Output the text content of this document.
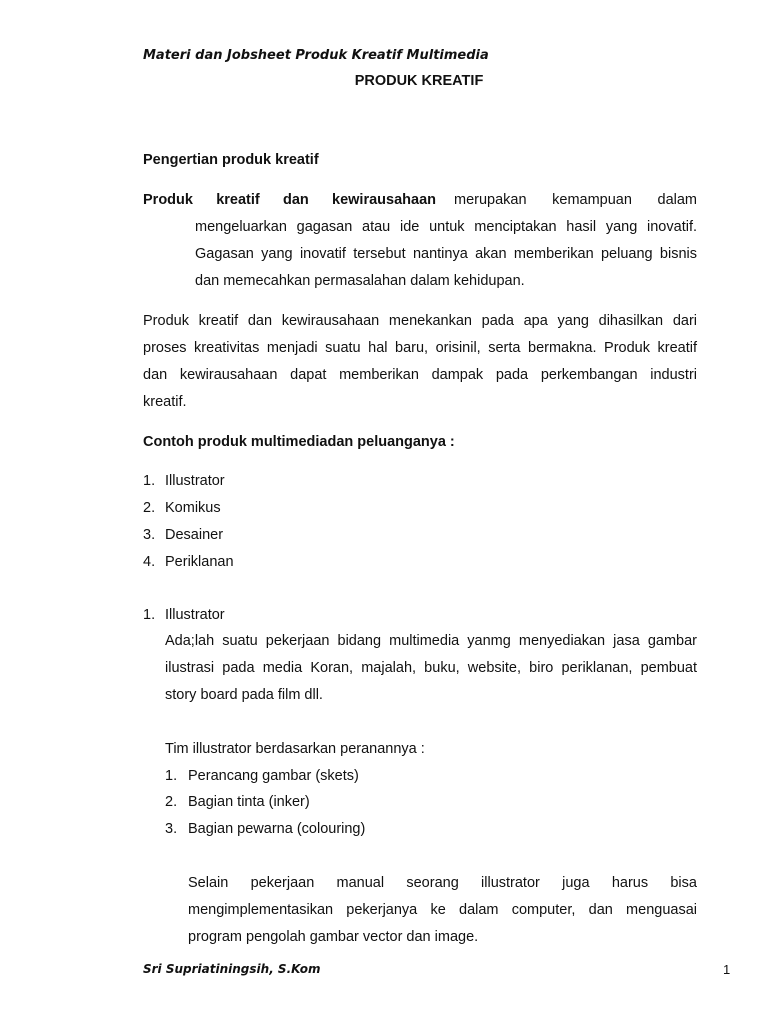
Materi dan Jobsheet Produk Kreatif Multimedia
PRODUK KREATIF
Pengertian produk kreatif
Produk kreatif dan kewirausahaan merupakan kemampuan dalam
mengeluarkan gagasan atau ide untuk menciptakan hasil yang inovatif.
Gagasan yang inovatif tersebut nantinya akan memberikan peluang bisnis
dan memecahkan permasalahan dalam kehidupan.
Produk kreatif dan kewirausahaan menekankan pada apa yang dihasilkan dari
proses kreativitas menjadi suatu hal baru, orisinil, serta bermakna. Produk kreatif
dan kewirausahaan dapat memberikan dampak pada perkembangan industri
kreatif.
Contoh produk multimediadan peluanganya :
1. Illustrator
2. Komikus
3. Desainer
4. Periklanan
1. Illustrator
Ada;lah suatu pekerjaan bidang multimedia yanmg menyediakan jasa gambar
ilustrasi pada media Koran, majalah, buku, website, biro periklanan, pembuat
story board pada film dll.
Tim illustrator berdasarkan peranannya :
1. Perancang gambar (skets)
2. Bagian tinta (inker)
3. Bagian pewarna (colouring)
Selain pekerjaan manual seorang illustrator juga harus bisa
mengimplementasikan pekerjanya ke dalam computer, dan menguasai
program pengolah gambar vector dan image.
Sri Supriatiningsih, S.Kom	1
